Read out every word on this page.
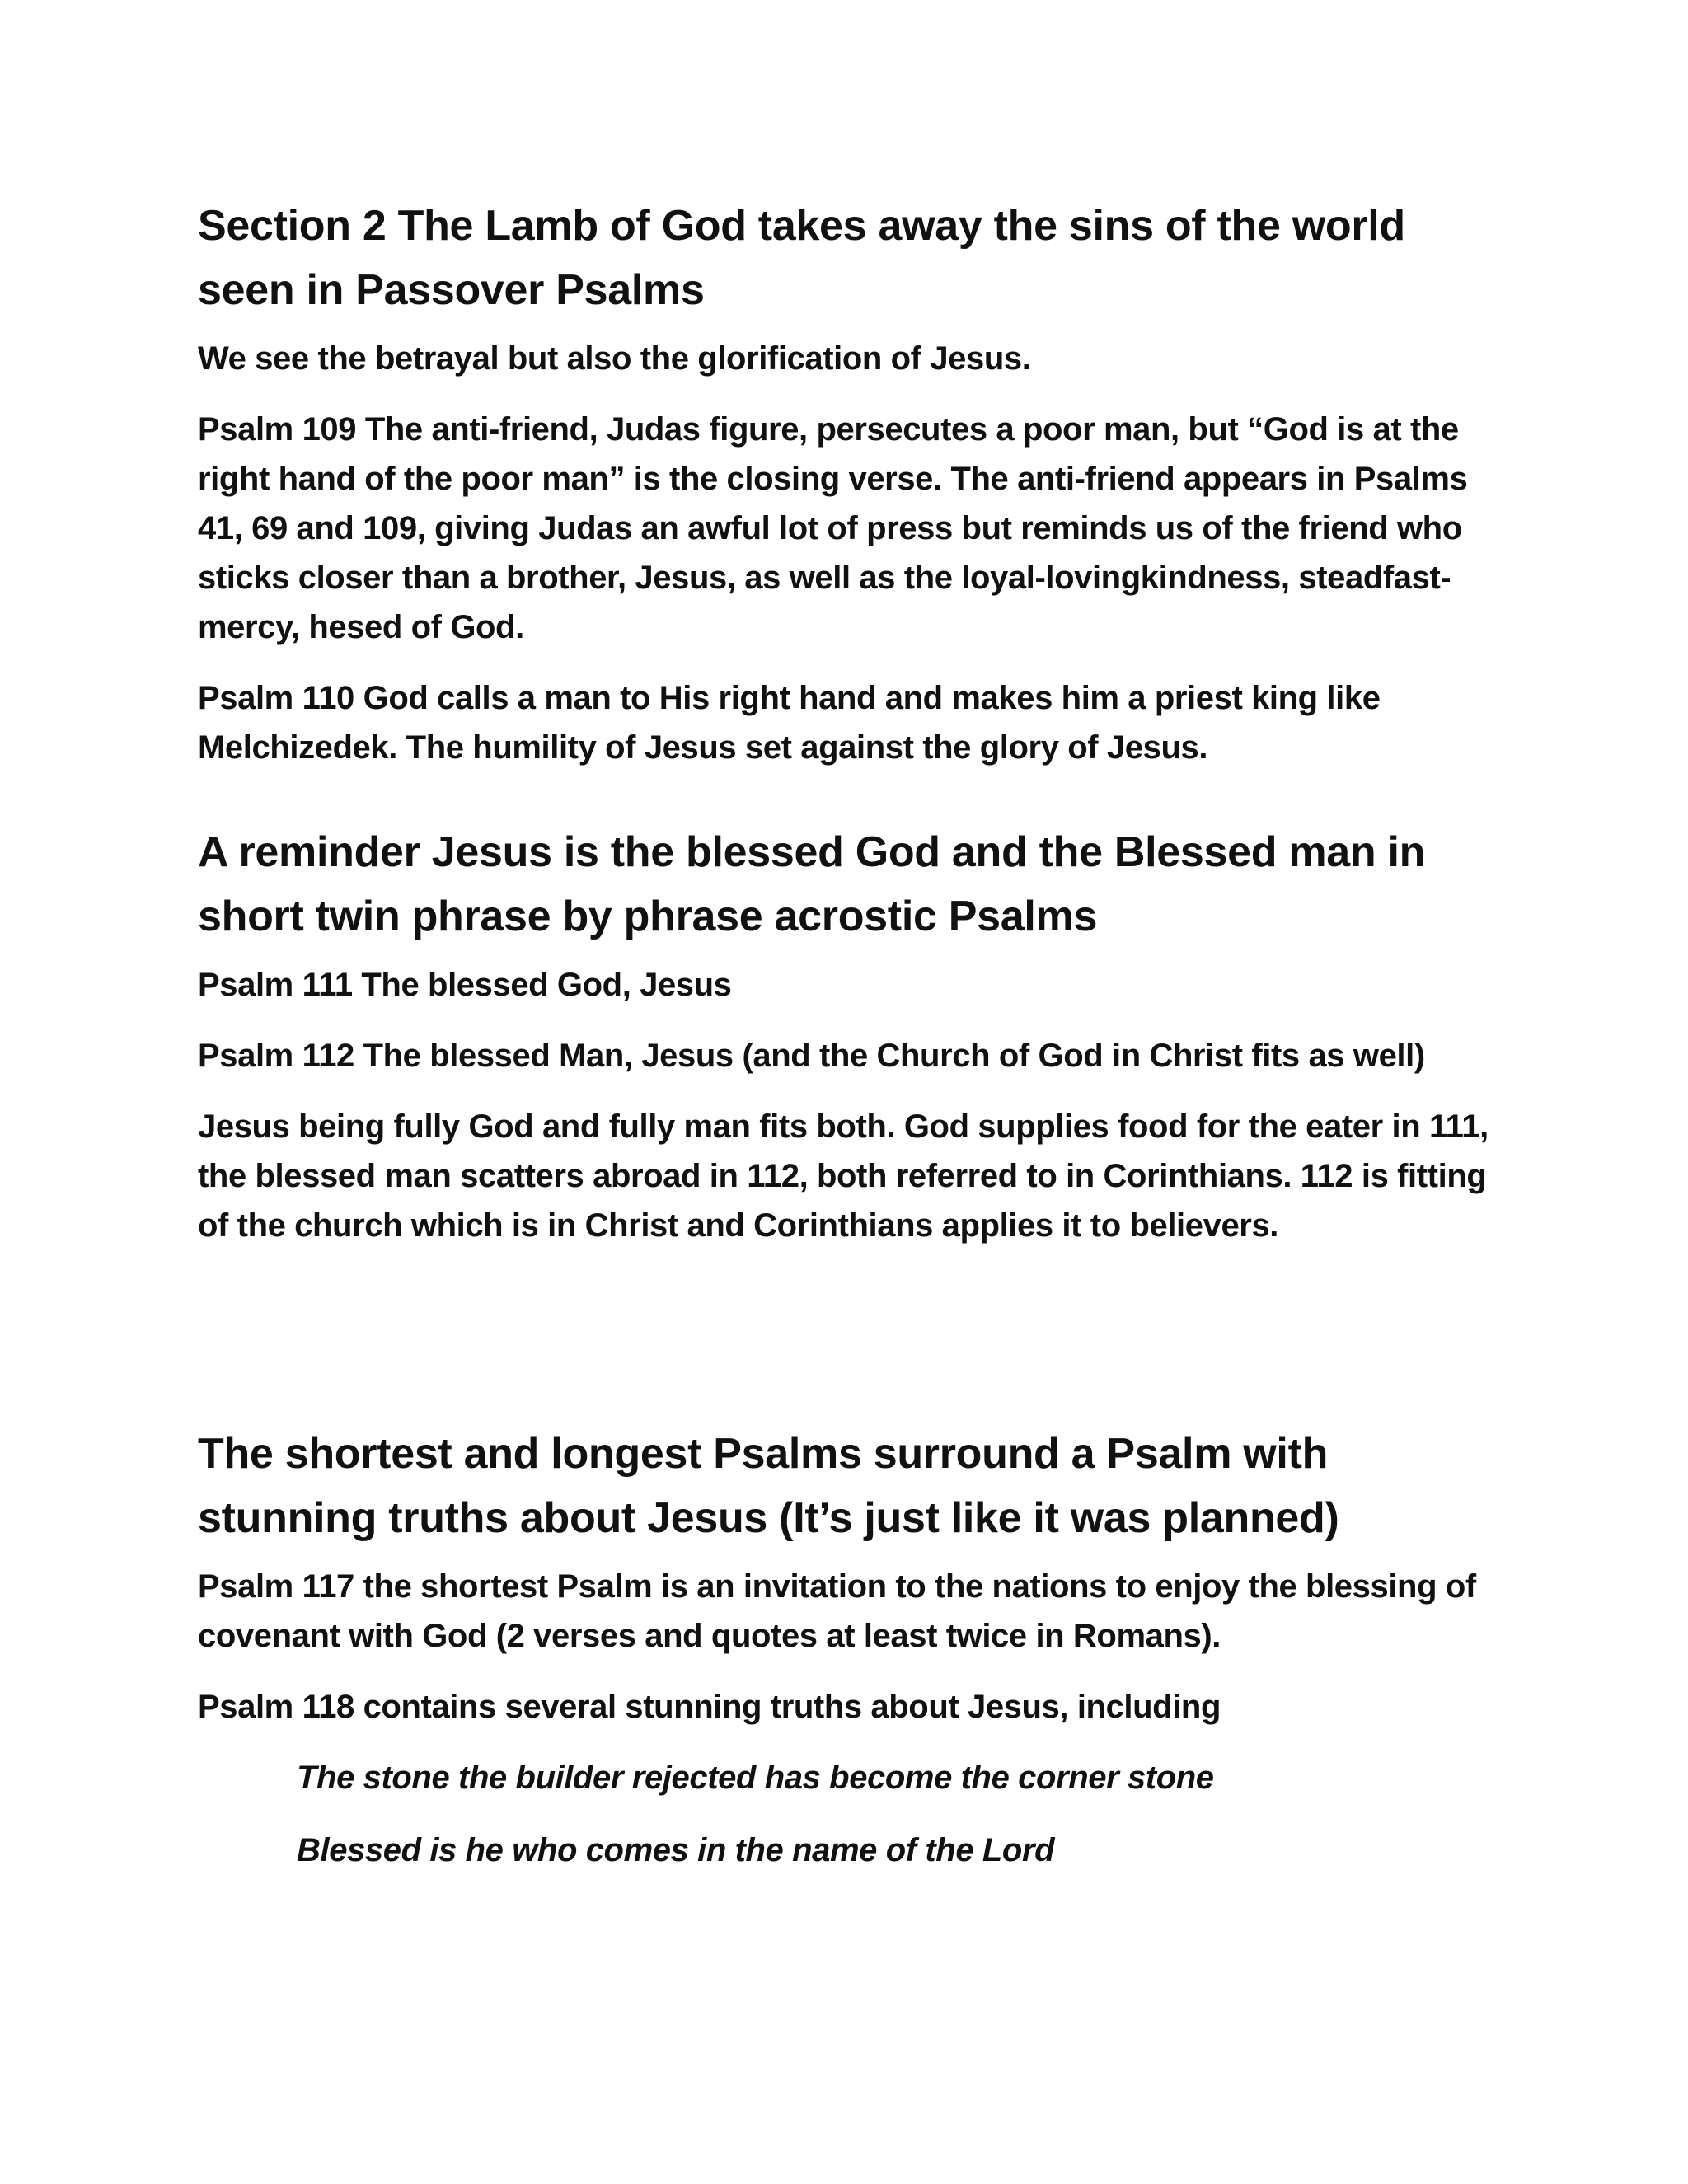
Section 2 The Lamb of God takes away the sins of the world seen in Passover Psalms

We see the betrayal but also the glorification of Jesus.

Psalm 109 The anti-friend, Judas figure, persecutes a poor man, but “God is at the right hand of the poor man” is the closing verse. The anti-friend appears in Psalms 41, 69 and 109, giving Judas an awful lot of press but reminds us of the friend who sticks closer than a brother, Jesus, as well as the loyal-lovingkindness, steadfast-mercy, hesed of God.

Psalm 110 God calls a man to His right hand and makes him a priest king like Melchizedek. The humility of Jesus set against the glory of Jesus.

A reminder Jesus is the blessed God and the Blessed man in short twin phrase by phrase acrostic Psalms

Psalm 111 The blessed God, Jesus

Psalm 112 The blessed Man, Jesus (and the Church of God in Christ fits as well)

Jesus being fully God and fully man fits both. God supplies food for the eater in 111, the blessed man scatters abroad in 112, both referred to in Corinthians. 112 is fitting of the church which is in Christ and Corinthians applies it to believers.

The shortest and longest Psalms surround a Psalm with stunning truths about Jesus (It’s just like it was planned)

Psalm 117 the shortest Psalm is an invitation to the nations to enjoy the blessing of covenant with God (2 verses and quotes at least twice in Romans).

Psalm 118 contains several stunning truths about Jesus, including

The stone the builder rejected has become the corner stone

Blessed is he who comes in the name of the Lord
